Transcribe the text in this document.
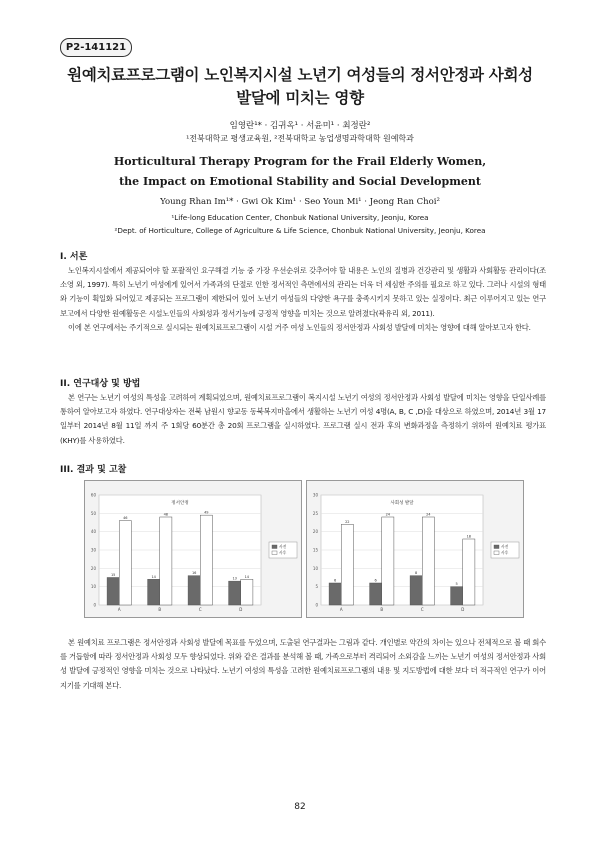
P2-141121
원예치료프로그램이 노인복지시설 노년기 여성들의 정서안정과 사회성
발달에 미치는 영향
임영란¹* · 김귀옥¹ · 서윤미¹ · 최정란²
¹전북대학교 평생교육원, ²전북대학교 농업생명과학대학 원예학과
Horticultural Therapy Program for the Frail Elderly Women,
the Impact on Emotional Stability and Social Development
Young Rhan Im¹* · Gwi Ok Kim¹ · Seo Youn Mi¹ · Jeong Ran Choi²
¹Life-long Education Center, Chonbuk National University, Jeonju, Korea
²Dept. of Horticulture, College of Agriculture & Life Science, Chonbuk National University, Jeonju, Korea
I. 서론

노인복지시설에서 제공되어야 할 포괄적인 요구해결 기능 중 가장 우선순위로 갖추어야 할 내용은 노인의 질병과 건강관리 및 생활과 사회활동 관리이다(조소영 외, 1997). 특히 노년기 여성에게 있어서 가족과의 단절로 인한 정서적인 측면에서의 관리는 더욱 더 세심한 주의를 필요로 하고 있다. 그러나 시설의 형태와 기능이 획일화 되어있고 제공되는 프로그램이 제한되어 있어 노년기 여성들의 다양한 욕구를 충족시키지 못하고 있는 실정이다. 최근 이루어지고 있는 연구보고에서 다양한 원예활동은 시설노인들의 사회성과 정서기능에 긍정적 영향을 미치는 것으로 알려졌다(곽유리 외, 2011).

이에 본 연구에서는 주기적으로 실시되는 원예치료프로그램이 시설 거주 여성 노인들의 정서안정과 사회성 발달에 미치는 영향에 대해 알아보고자 한다.

II. 연구대상 및 방법

본 연구는 노년기 여성의 특성을 고려하여 계획되었으며, 원예치료프로그램이 복지시설 노년기 여성의 정서안정과 사회성 발달에 미치는 영향을 단일사례를 통하여 알아보고자 하였다. 연구대상자는 전북 남원시 향교동 동북복지마을에서 생활하는 노년기 여성 4명(A, B, C ,D)을 대상으로 하였으며, 2014년 3월 17일부터 2014년 8월 11일 까지 주 1회당 60분간 총 20회 프로그램을 실시하였다. 프로그램 실시 전과 후의 변화과정을 측정하기 위하여 원예치료 평가표(KHY)를 사용하였다.

III. 결과 및 고찰
0
10
20
30
40
50
60
정서안정
15
46
A
14
48
B
16
49
C
13 14
D
사전
사후
0
5
10
15
20
25
30
사회성 발달
6
22
A
6
24
B
8
24
C
5
18
D
사전
사후

본 원예치료 프로그램은 정서안정과 사회성 발달에 목표를 두었으며, 도출된 연구결과는 그림과 같다. 개인별로 약간의 차이는 있으나 전체적으로 볼 때 회수를 거듭함에 따라 정서안정과 사회성 모두 향상되었다. 위와 같은 결과를 분석해 볼 때, 가족으로부터 격리되어 소외감을 느끼는 노년기 여성의 정서안정과 사회성 발달에 긍정적인 영향을 미치는 것으로 나타났다. 노년기 여성의 특성을 고려한 원예치료프로그램의 내용 및 지도방법에 대한 보다 더 적극적인 연구가 이어지기를 기대해 본다.

82
